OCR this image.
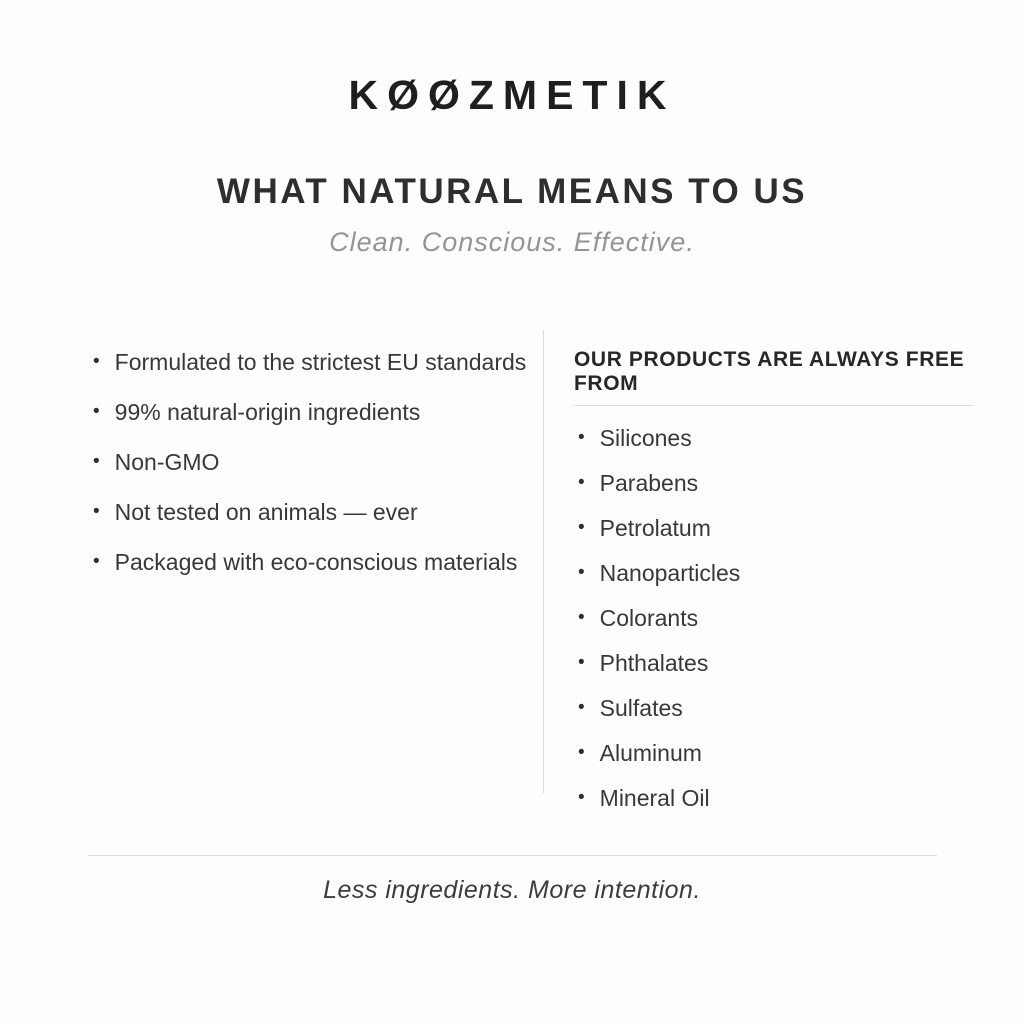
KØØZMETIK
WHAT NATURAL MEANS TO US
Clean. Conscious. Effective.
• Formulated to the strictest EU standards
• 99% natural-origin ingredients
• Non-GMO
• Not tested on animals — ever
• Packaged with eco-conscious materials
OUR PRODUCTS ARE ALWAYS FREE FROM
• Silicones
• Parabens
• Petrolatum
• Nanoparticles
• Colorants
• Phthalates
• Sulfates
• Aluminum
• Mineral Oil
Less ingredients. More intention.
